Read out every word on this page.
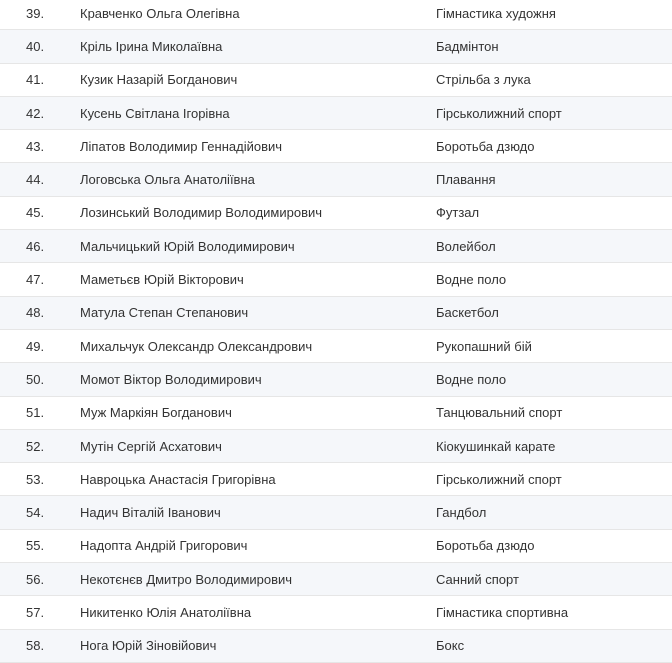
39.	Кравченко Ольга Олегівна	Гімнастика художня
40.	Кріль Ірина Миколаївна	Бадмінтон
41.	Кузик Назарій Богданович	Стрільба з лука
42.	Кусень Світлана Ігорівна	Гірськолижний спорт
43.	Ліпатов Володимир Геннадійович	Боротьба дзюдо
44.	Логовська Ольга Анатоліївна	Плавання
45.	Лозинський Володимир Володимирович	Футзал
46.	Мальчицький Юрій Володимирович	Волейбол
47.	Маметьєв Юрій Вікторович	Водне поло
48.	Матула Степан Степанович	Баскетбол
49.	Михальчук Олександр Олександрович	Рукопашний бій
50.	Момот Віктор Володимирович	Водне поло
51.	Муж Маркіян Богданович	Танцювальний спорт
52.	Мутін Сергій Асхатович	Кіокушинкай карате
53.	Навроцька Анастасія Григорівна	Гірськолижний спорт
54.	Надич Віталій Іванович	Гандбол
55.	Надопта Андрій Григорович	Боротьба дзюдо
56.	Некотєнєв Дмитро Володимирович	Санний спорт
57.	Никитенко Юлія Анатоліївна	Гімнастика спортивна
58.	Нога Юрій Зіновійович	Бокс
